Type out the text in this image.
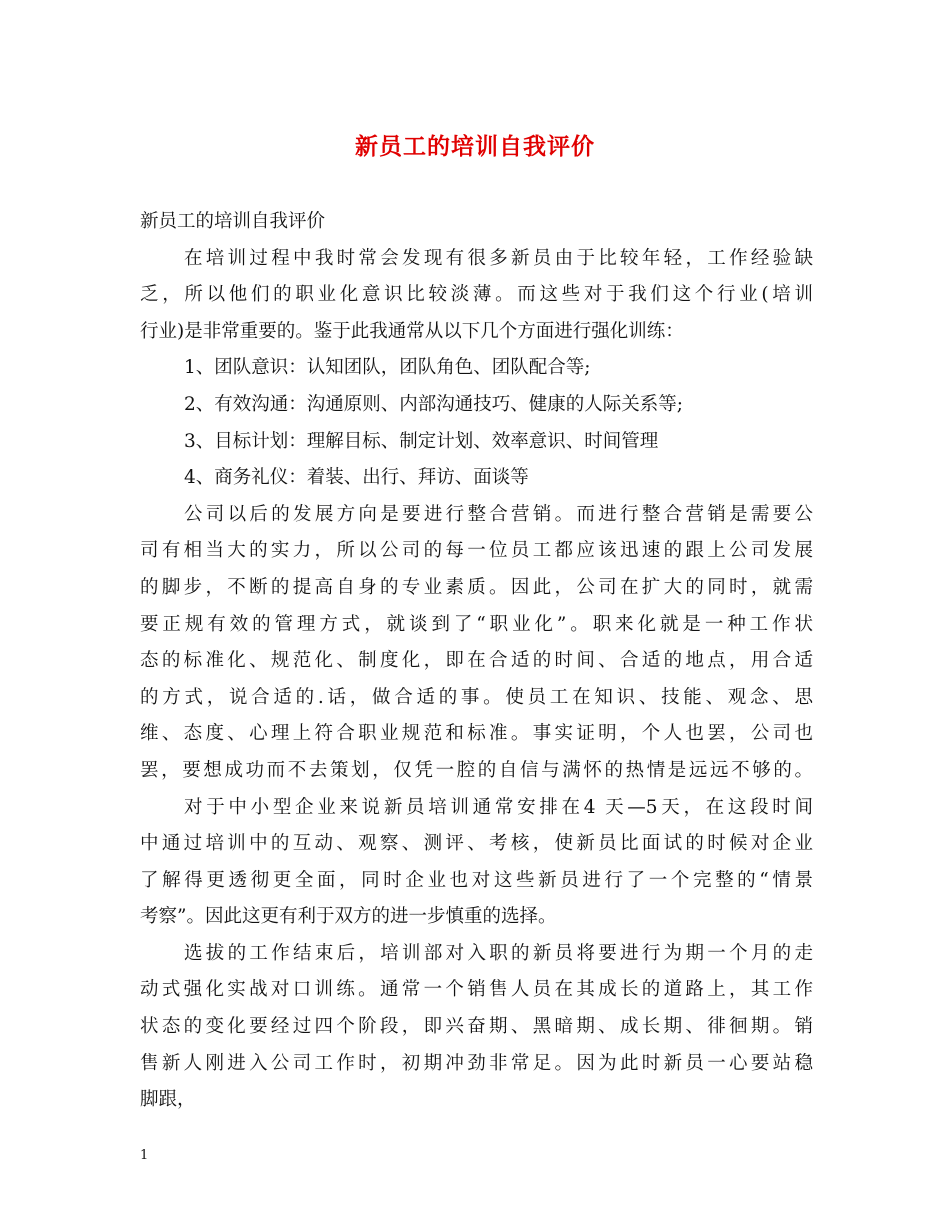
新员工的培训自我评价
新员工的培训自我评价
在培训过程中我时常会发现有很多新员由于比较年轻，工作经验缺
乏，所以他们的职业化意识比较淡薄。而这些对于我们这个行业(培训
行业)是非常重要的。鉴于此我通常从以下几个方面进行强化训练：
1、团队意识：认知团队，团队角色、团队配合等;
2、有效沟通：沟通原则、内部沟通技巧、健康的人际关系等;
3、目标计划：理解目标、制定计划、效率意识、时间管理
4、商务礼仪：着装、出行、拜访、面谈等
公司以后的发展方向是要进行整合营销。而进行整合营销是需要公
司有相当大的实力，所以公司的每一位员工都应该迅速的跟上公司发展
的脚步，不断的提高自身的专业素质。因此，公司在扩大的同时，就需
要正规有效的管理方式，就谈到了“职业化”。职来化就是一种工作状
态的标准化、规范化、制度化，即在合适的时间、合适的地点，用合适
的方式，说合适的.话，做合适的事。使员工在知识、技能、观念、思
维、态度、心理上符合职业规范和标准。事实证明，个人也罢，公司也
罢，要想成功而不去策划，仅凭一腔的自信与满怀的热情是远远不够的。
对于中小型企业来说新员培训通常安排在4 天—5天，在这段时间
中通过培训中的互动、观察、测评、考核，使新员比面试的时候对企业
了解得更透彻更全面，同时企业也对这些新员进行了一个完整的“情景
考察”。因此这更有利于双方的进一步慎重的选择。
选拔的工作结束后，培训部对入职的新员将要进行为期一个月的走
动式强化实战对口训练。通常一个销售人员在其成长的道路上，其工作
状态的变化要经过四个阶段，即兴奋期、黑暗期、成长期、徘徊期。销
售新人刚进入公司工作时，初期冲劲非常足。因为此时新员一心要站稳
脚跟，
1
